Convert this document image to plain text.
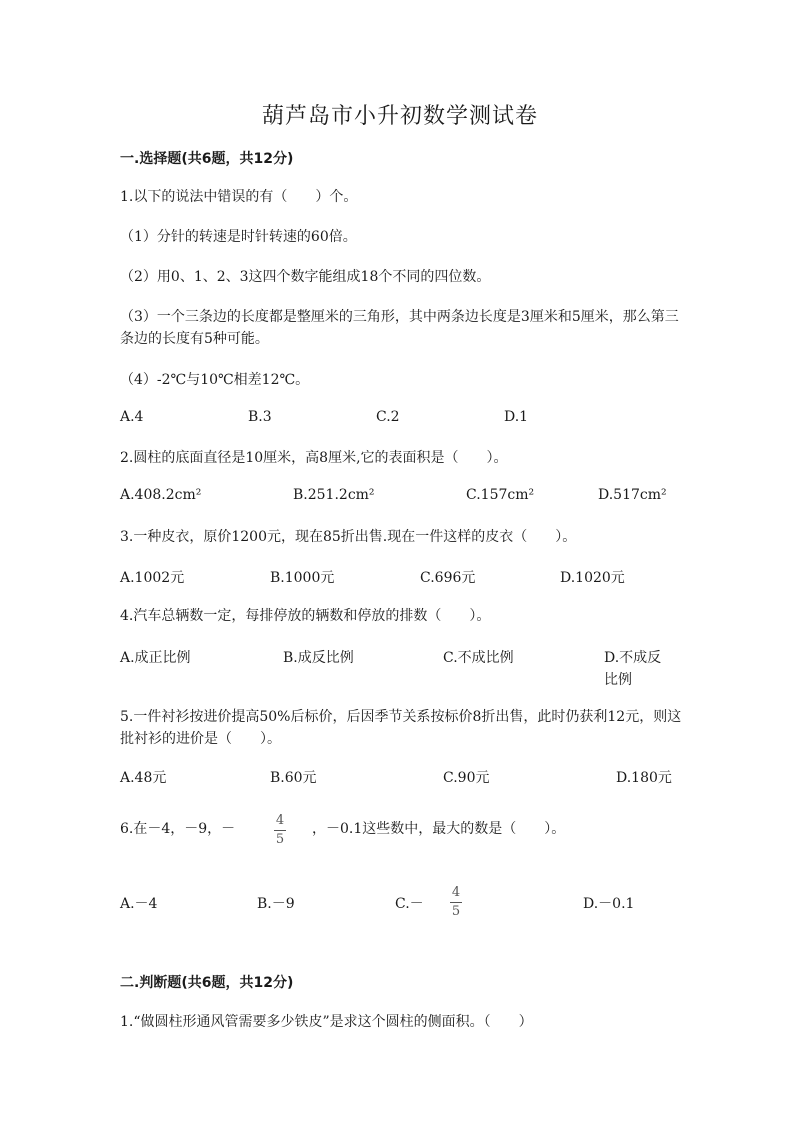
葫芦岛市小升初数学测试卷
一.选择题(共6题，共12分)
1.以下的说法中错误的有（　　）个。
（1）分针的转速是时针转速的60倍。
（2）用0、1、2、3这四个数字能组成18个不同的四位数。
（3）一个三条边的长度都是整厘米的三角形，其中两条边长度是3厘米和5厘米，那么第三条边的长度有5种可能。
（4）-2℃与10℃相差12℃。
A.4	B.3	C.2	D.1
2.圆柱的底面直径是10厘米，高8厘米,它的表面积是（　　）。
A.408.2cm²	B.251.2cm²	C.157cm²	D.517cm²
3.一种皮衣，原价1200元，现在85折出售.现在一件这样的皮衣（　　）。
A.1002元	B.1000元	C.696元	D.1020元
4.汽车总辆数一定，每排停放的辆数和停放的排数（　　）。
A.成正比例	B.成反比例	C.不成比例	D.不成反比例
5.一件衬衫按进价提高50%后标价，后因季节关系按标价8折出售，此时仍获利12元，则这批衬衫的进价是（　　）。
A.48元	B.60元	C.90元	D.180元
6.在－4，－9，－	$\frac{4}{5}$ ，－0.1这些数中，最大的数是（　　）。
A.－4	B.－9	$C.- \frac{4}{5}$	D.－0.1
二.判断题(共6题，共12分)
1.“做圆柱形通风管需要多少铁皮”是求这个圆柱的侧面积。（　　）
